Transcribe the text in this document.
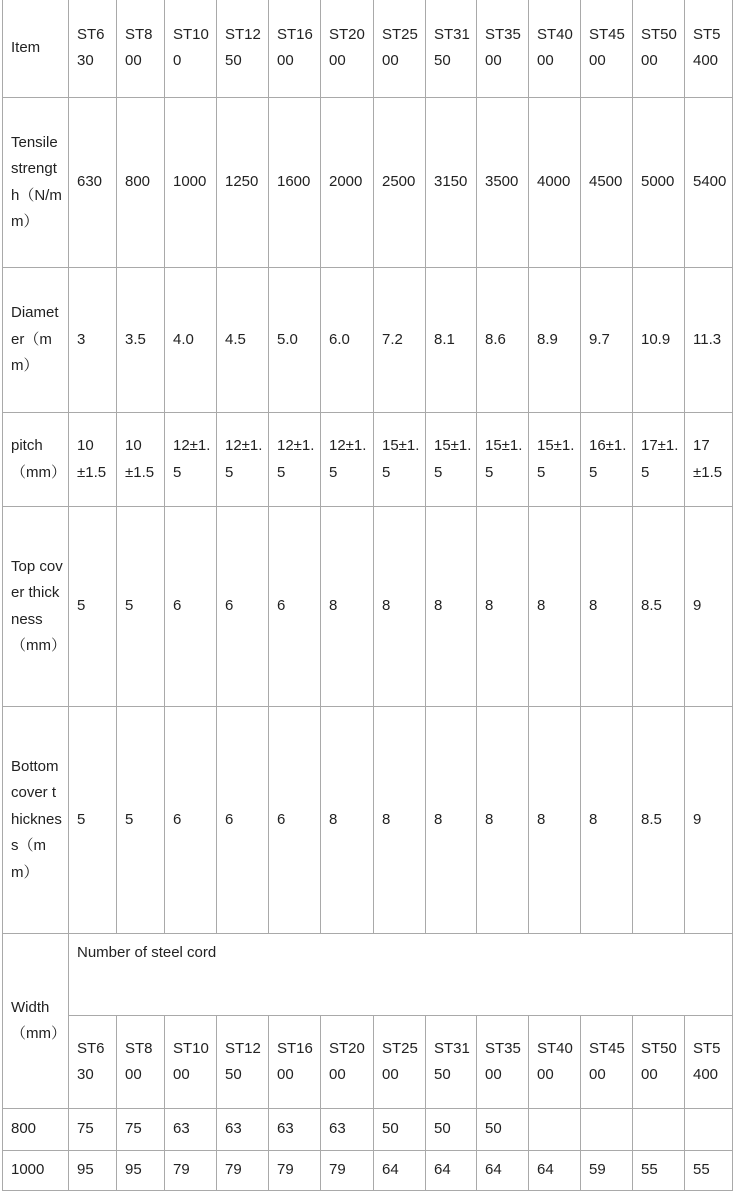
Item	ST630	ST800	ST100	ST1250	ST1600	ST2000	ST2500	ST3150	ST3500	ST4000	ST4500	ST5000	ST5400
Tensile strength（N/mm）	630	800	1000	1250	1600	2000	2500	3150	3500	4000	4500	5000	5400
Diameter（mm）	3	3.5	4.0	4.5	5.0	6.0	7.2	8.1	8.6	8.9	9.7	10.9	11.3
pitch（mm）	10±1.5	10±1.5	12±1.5	12±1.5	12±1.5	12±1.5	15±1.5	15±1.5	15±1.5	15±1.5	16±1.5	17±1.5	17±1.5
Top cover thickness（mm）	5	5	6	6	6	8	8	8	8	8	8	8.5	9
Bottom cover thickness（mm）	5	5	6	6	6	8	8	8	8	8	8	8.5	9
Width（mm）	Number of steel cord												
	ST630	ST800	ST1000	ST1250	ST1600	ST2000	ST2500	ST3150	ST3500	ST4000	ST4500	ST5000	ST5400
800	75	75	63	63	63	63	50	50	50				
1000	95	95	79	79	79	79	64	64	64	64	59	55	55
